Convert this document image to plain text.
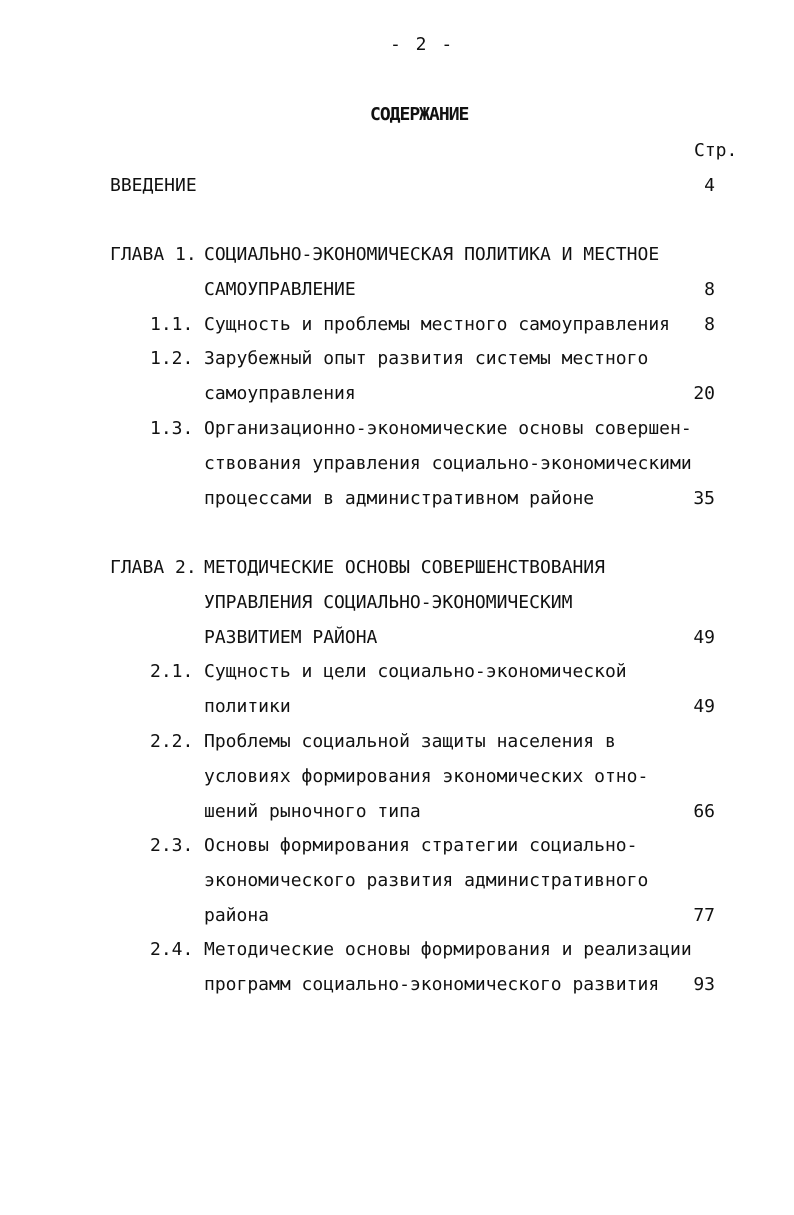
- 2 -
СОДЕРЖАНИЕ
Стр.
ВВЕДЕНИЕ	4
ГЛАВА 1. СОЦИАЛЬНО-ЭКОНОМИЧЕСКАЯ ПОЛИТИКА И МЕСТНОЕ
САМОУПРАВЛЕНИЕ	8
1.1. Сущность и проблемы местного самоуправления	8
1.2. Зарубежный опыт развития системы местного
самоуправления	20
1.3. Организационно-экономические основы совершен-
ствования управления социально-экономическими
процессами в административном районе	35
ГЛАВА 2. МЕТОДИЧЕСКИЕ ОСНОВЫ СОВЕРШЕНСТВОВАНИЯ
УПРАВЛЕНИЯ СОЦИАЛЬНО-ЭКОНОМИЧЕСКИМ
РАЗВИТИЕМ РАЙОНА	49
2.1. Сущность и цели социально-экономической
политики	49
2.2. Проблемы социальной защиты населения в
условиях формирования экономических отно-
шений рыночного типа	66
2.3. Основы формирования стратегии социально-
экономического развития административного
района	77
2.4. Методические основы формирования и реализации
программ социально-экономического развития	93
